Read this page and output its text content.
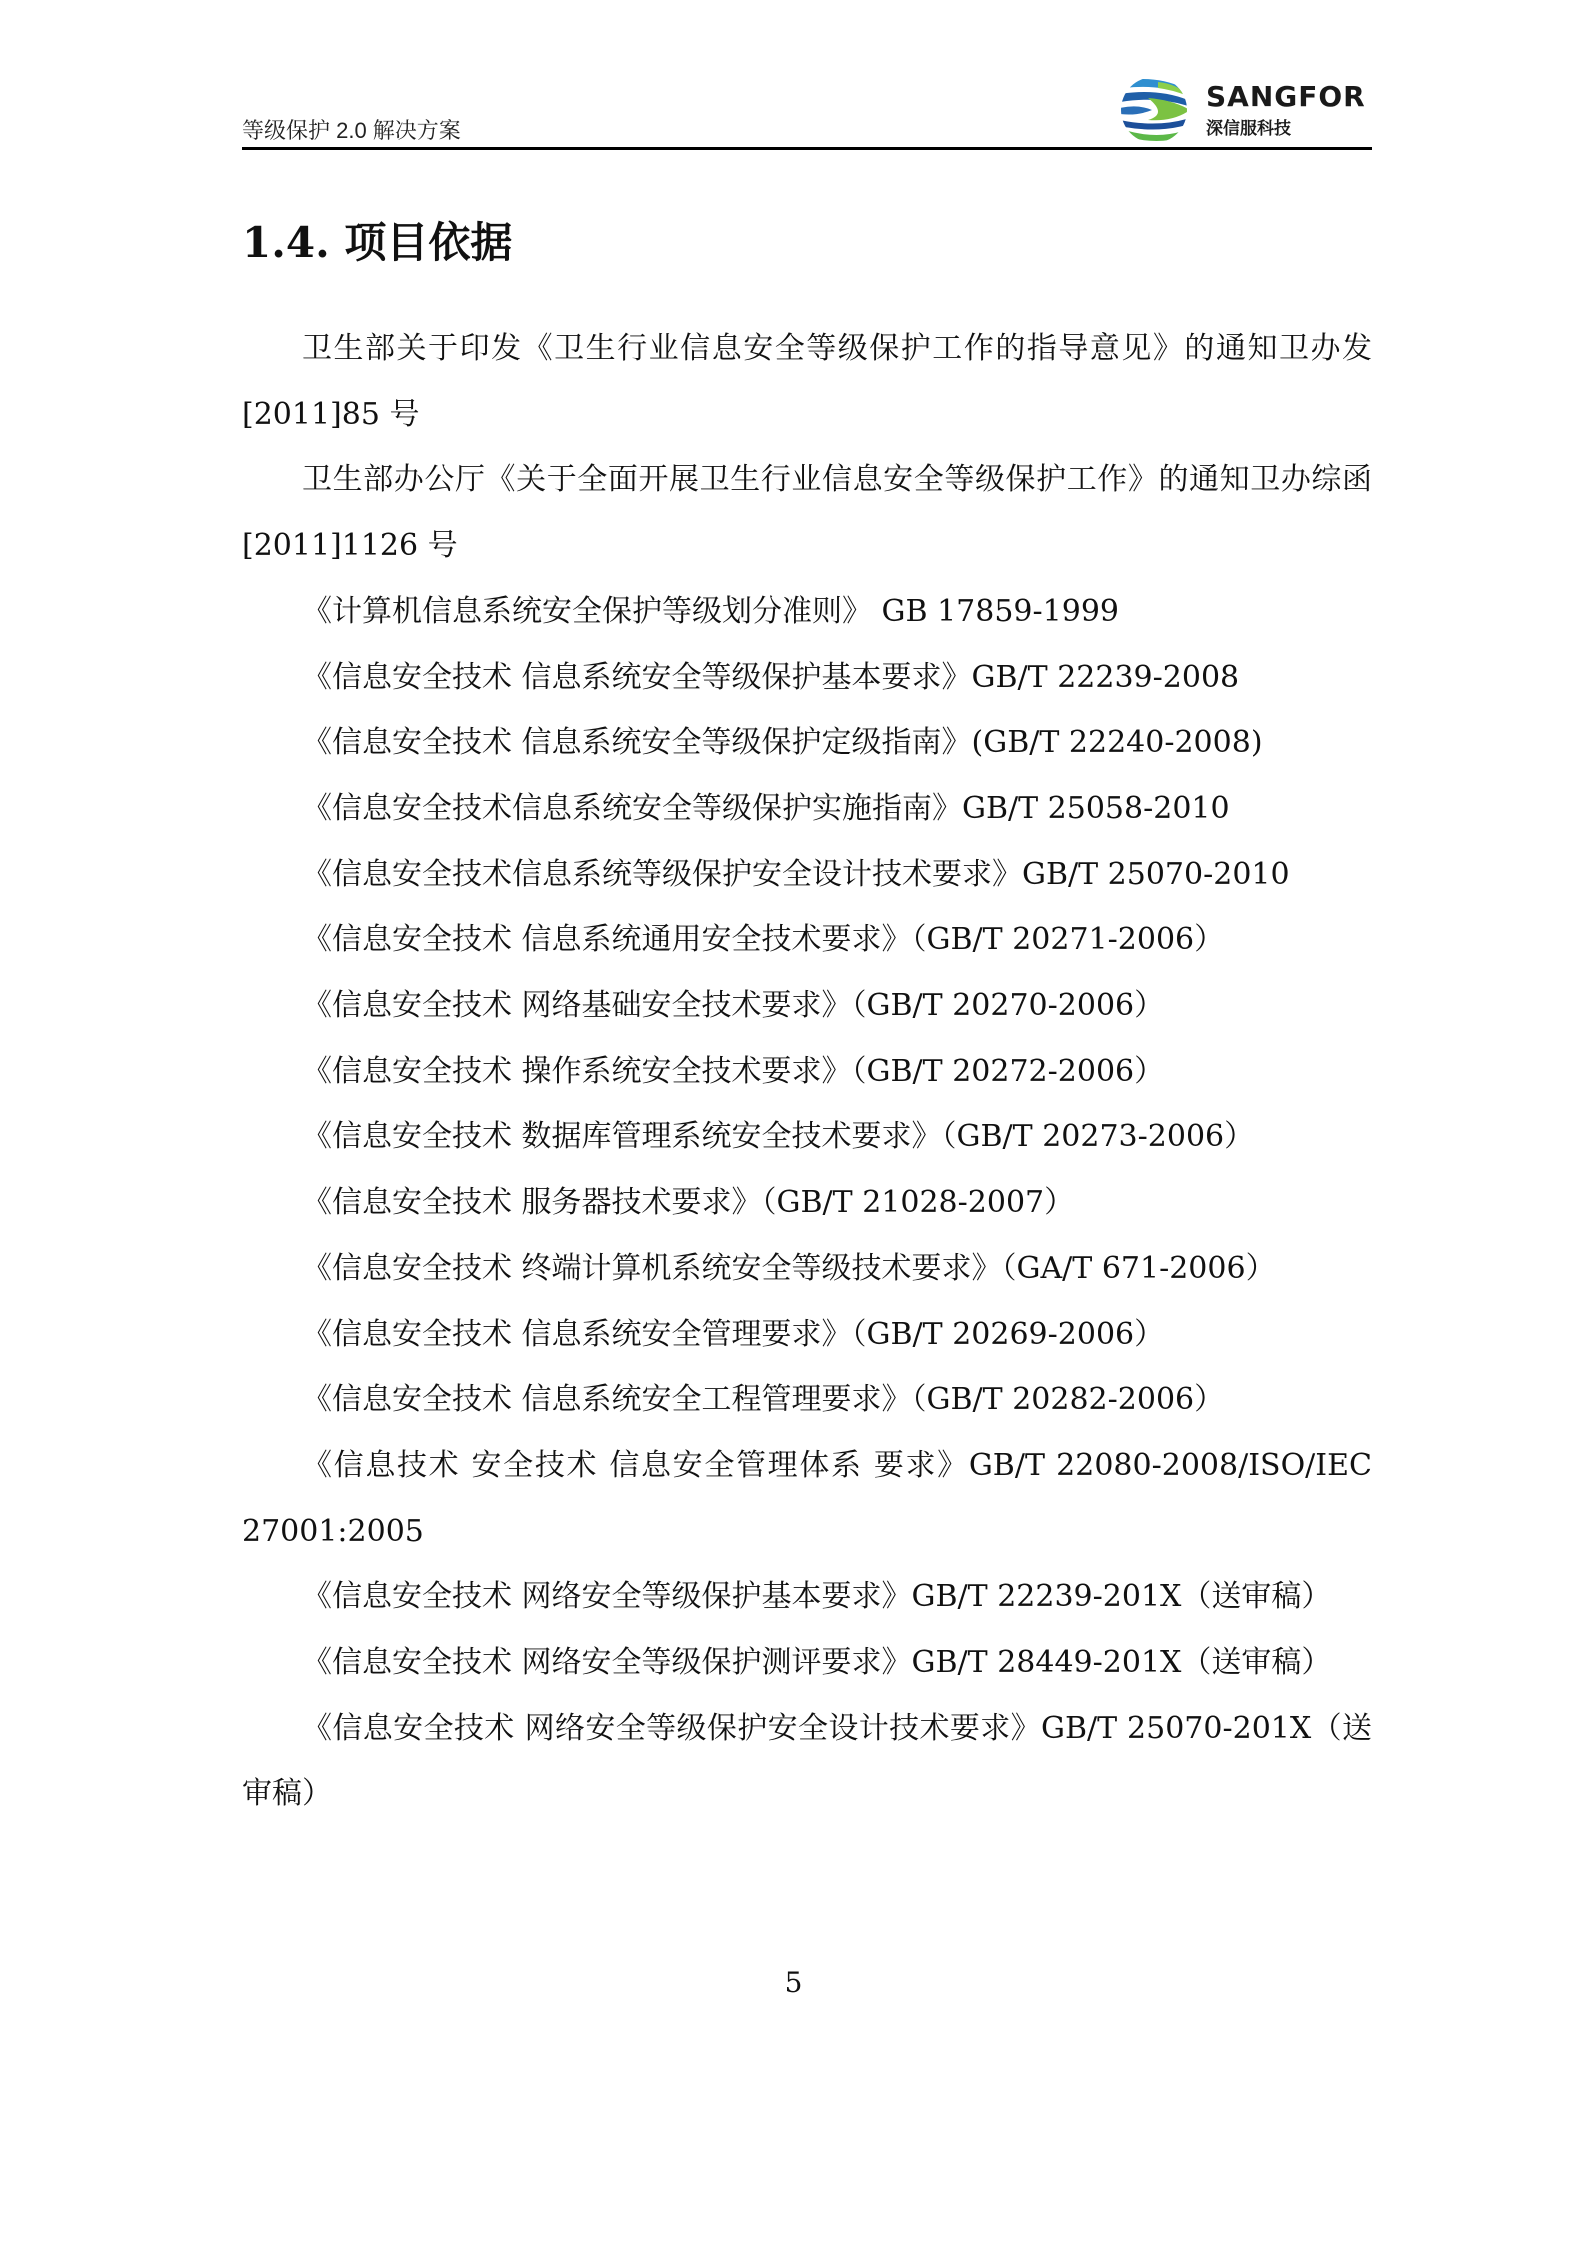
等级保护 2.0 解决方案
SANGFOR
深信服科技
1.4. 项目依据

卫生部关于印发《卫生行业信息安全等级保护工作的指导意见》的通知卫办发[2011]85 号

卫生部办公厅《关于全面开展卫生行业信息安全等级保护工作》的通知卫办综函[2011]1126 号

《计算机信息系统安全保护等级划分准则》 GB 17859-1999

《信息安全技术 信息系统安全等级保护基本要求》GB/T 22239-2008

《信息安全技术 信息系统安全等级保护定级指南》(GB/T 22240-2008)

《信息安全技术信息系统安全等级保护实施指南》GB/T 25058-2010

《信息安全技术信息系统等级保护安全设计技术要求》GB/T 25070-2010

《信息安全技术 信息系统通用安全技术要求》（GB/T 20271-2006）

《信息安全技术 网络基础安全技术要求》（GB/T 20270-2006）

《信息安全技术 操作系统安全技术要求》（GB/T 20272-2006）

《信息安全技术 数据库管理系统安全技术要求》（GB/T 20273-2006）

《信息安全技术 服务器技术要求》（GB/T 21028-2007）

《信息安全技术 终端计算机系统安全等级技术要求》（GA/T 671-2006）

《信息安全技术 信息系统安全管理要求》（GB/T 20269-2006）

《信息安全技术 信息系统安全工程管理要求》（GB/T 20282-2006）

《信息技术 安全技术 信息安全管理体系 要求》GB/T 22080-2008/ISO/IEC 27001:2005

《信息安全技术 网络安全等级保护基本要求》GB/T 22239-201X（送审稿）

《信息安全技术 网络安全等级保护测评要求》GB/T 28449-201X（送审稿）

《信息安全技术 网络安全等级保护安全设计技术要求》GB/T 25070-201X（送审稿）

5
